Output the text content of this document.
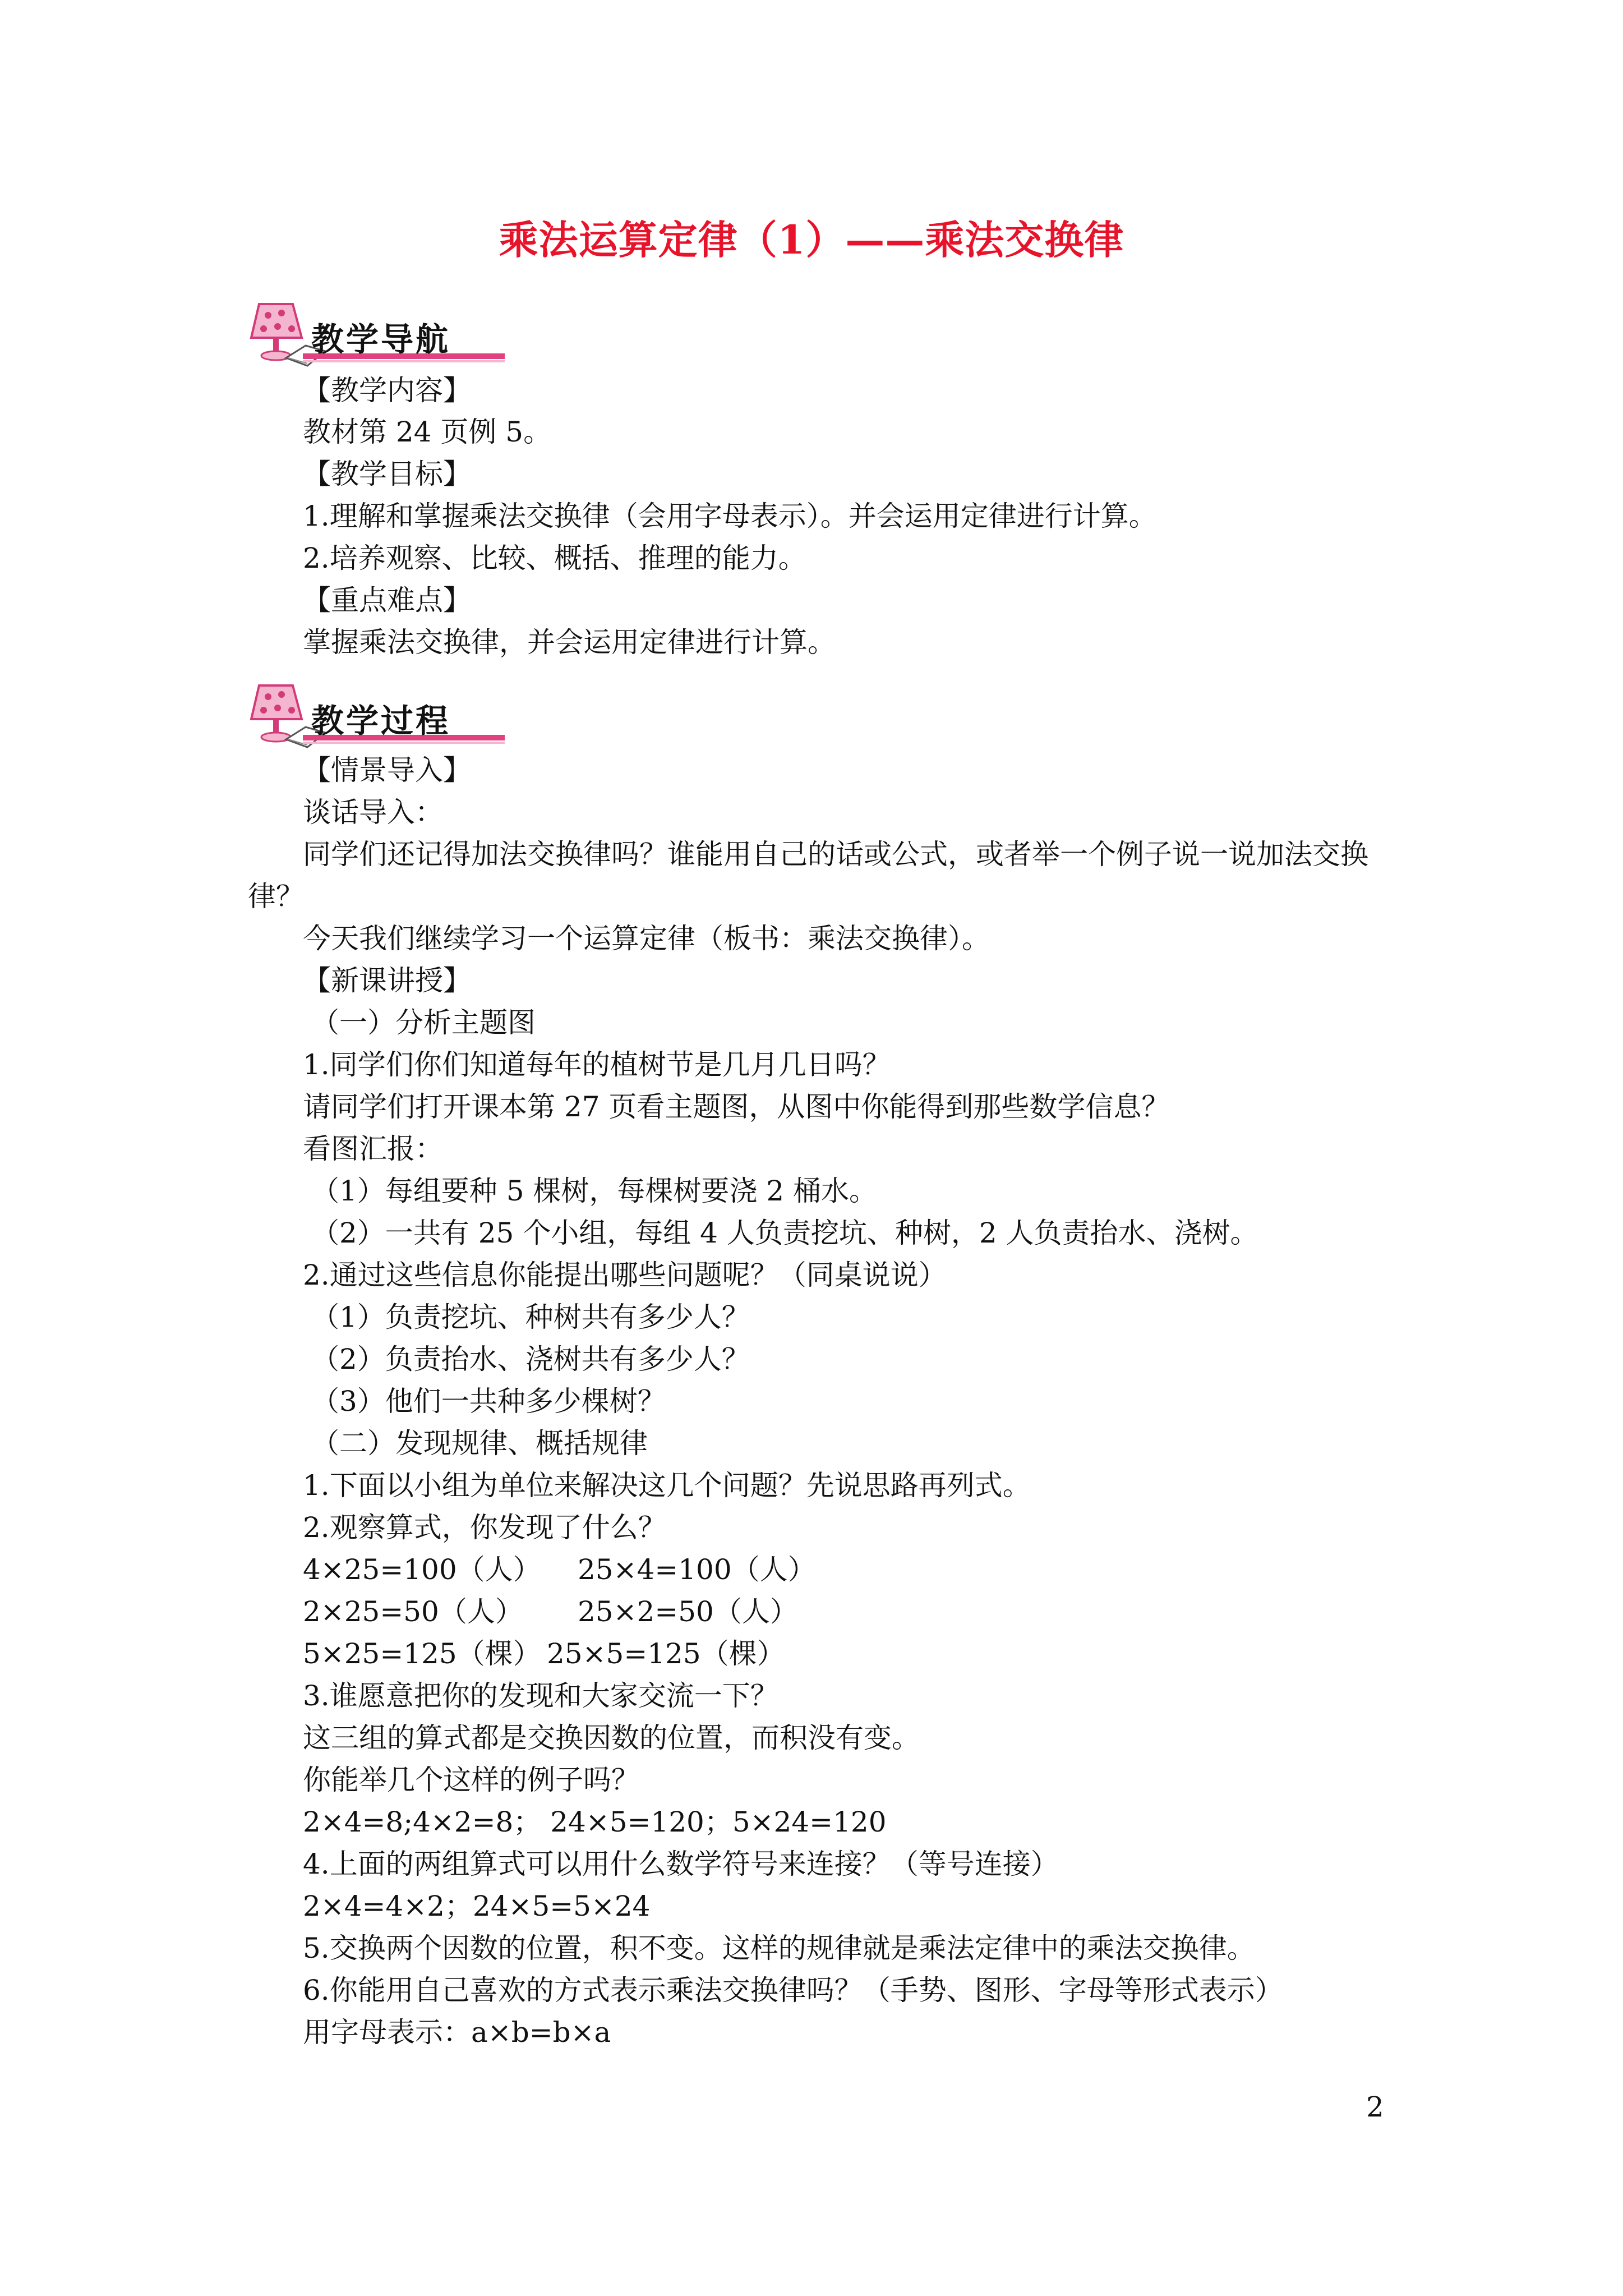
乘法运算定律（1）——乘法交换律
教学导航
【教学内容】
教材第 24 页例 5。
【教学目标】
1.理解和掌握乘法交换律（会用字母表示）。并会运用定律进行计算。
2.培养观察、比较、概括、推理的能力。
【重点难点】
掌握乘法交换律，并会运用定律进行计算。
教学过程
【情景导入】
谈话导入：
同学们还记得加法交换律吗？谁能用自己的话或公式，或者举一个例子说一说加法交换
律？
今天我们继续学习一个运算定律（板书：乘法交换律）。
【新课讲授】
（一）分析主题图
1.同学们你们知道每年的植树节是几月几日吗？
请同学们打开课本第 27 页看主题图，从图中你能得到那些数学信息？
看图汇报：
（1）每组要种 5 棵树，每棵树要浇 2 桶水。
（2）一共有 25 个小组，每组 4 人负责挖坑、种树，2 人负责抬水、浇树。
2.通过这些信息你能提出哪些问题呢？（同桌说说）
（1）负责挖坑、种树共有多少人？
（2）负责抬水、浇树共有多少人？
（3）他们一共种多少棵树？
（二）发现规律、概括规律
1.下面以小组为单位来解决这几个问题？先说思路再列式。
2.观察算式，你发现了什么？
4×25=100（人） 25×4=100（人）
2×25=50（人） 25×2=50（人）
5×25=125（棵） 25×5=125（棵）
3.谁愿意把你的发现和大家交流一下？
这三组的算式都是交换因数的位置，而积没有变。
你能举几个这样的例子吗？
2×4=8;4×2=8； 24×5=120；5×24=120
4.上面的两组算式可以用什么数学符号来连接？（等号连接）
2×4=4×2；24×5=5×24
5.交换两个因数的位置，积不变。这样的规律就是乘法定律中的乘法交换律。
6.你能用自己喜欢的方式表示乘法交换律吗？（手势、图形、字母等形式表示）
用字母表示：a×b=b×a
2
